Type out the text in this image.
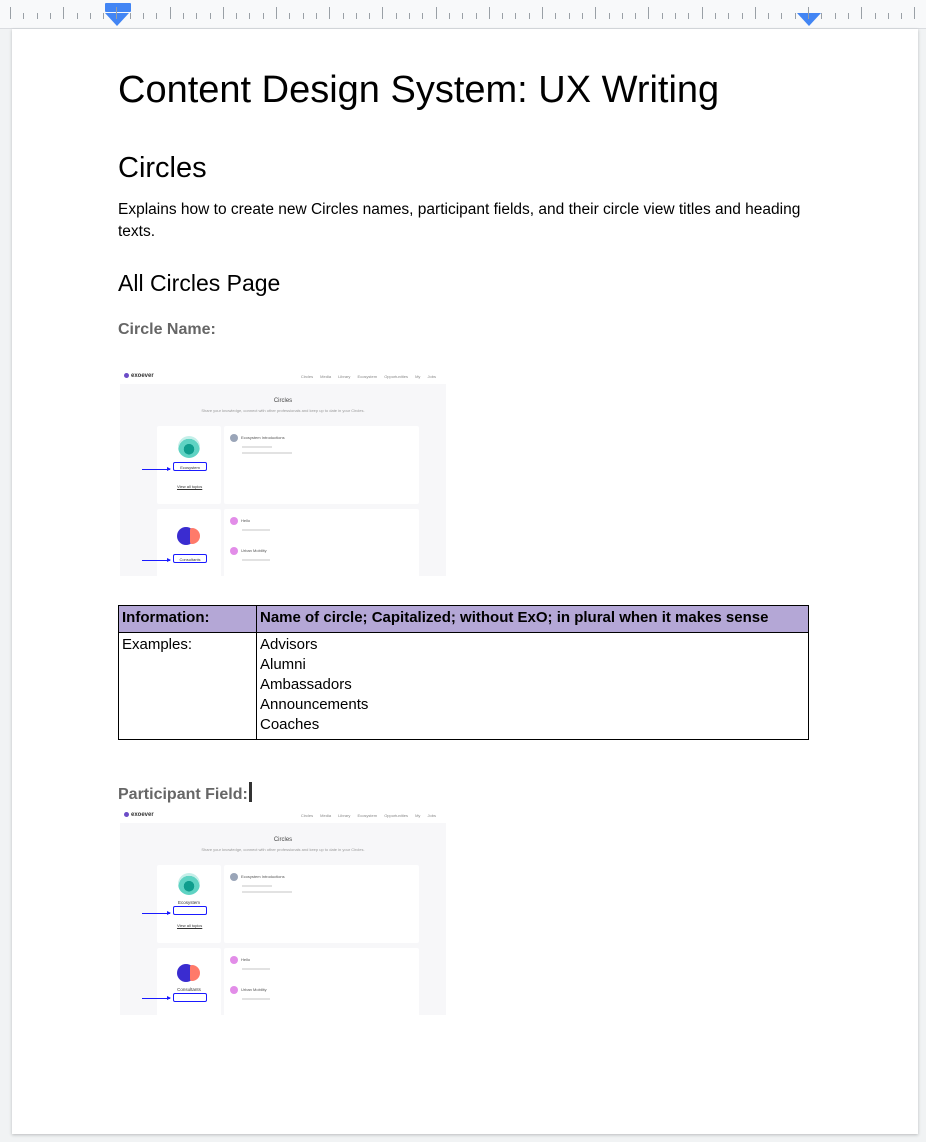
Content Design System: UX Writing
Circles

Explains how to create new Circles names, participant fields, and their circle view titles and heading texts.

All Circles Page

Circle Name:

exoever	Circles Media Library Ecosystem Opportunities My Jobs
Circles
Share your knowledge, connect with other professionals and keep up to date in your Circles.
Ecosystem
View all topics
Ecosystem Introductions
Consultants
Hello
Urban Mobility
Information:	Name of circle; Capitalized; without ExO; in plural when it makes sense
Examples:	Advisors
Alumni
Ambassadors
Announcements
Coaches

Participant Field:

exoever	Circles Media Library Ecosystem Opportunities My Jobs
Circles
Share your knowledge, connect with other professionals and keep up to date in your Circles.
Ecosystem
View all topics
Ecosystem Introductions
Consultants
Hello
Urban Mobility
